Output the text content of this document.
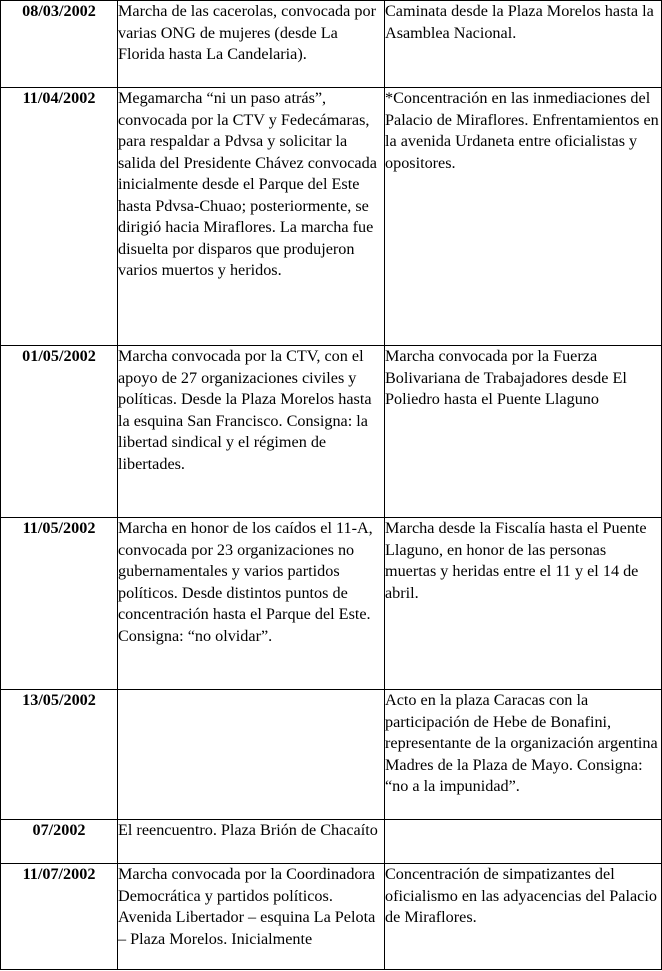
08/03/2002	Marcha de las cacerolas, convocada por varias ONG de mujeres (desde La Florida hasta La Candelaria).	Caminata desde la Plaza Morelos hasta la Asamblea Nacional.

11/04/2002	Megamarcha “ni un paso atrás”, convocada por la CTV y Fedecámaras, para respaldar a Pdvsa y solicitar la salida del Presidente Chávez convocada inicialmente desde el Parque del Este hasta Pdvsa-Chuao; posteriormente, se dirigió hacia Miraflores. La marcha fue disuelta por disparos que produjeron varios muertos y heridos.	*Concentración en las inmediaciones del Palacio de Miraflores. Enfrentamientos en la avenida Urdaneta entre oficialistas y opositores.

01/05/2002	Marcha convocada por la CTV, con el apoyo de 27 organizaciones civiles y políticas. Desde la Plaza Morelos hasta la esquina San Francisco. Consigna: la libertad sindical y el régimen de libertades.	Marcha convocada por la Fuerza Bolivariana de Trabajadores desde El Poliedro hasta el Puente Llaguno

11/05/2002	Marcha en honor de los caídos el 11-A, convocada por 23 organizaciones no gubernamentales y varios partidos políticos. Desde distintos puntos de concentración hasta el Parque del Este. Consigna: “no olvidar”.	Marcha desde la Fiscalía hasta el Puente Llaguno, en honor de las personas muertas y heridas entre el 11 y el 14 de abril.

13/05/2002		Acto en la plaza Caracas con la participación de Hebe de Bonafini, representante de la organización argentina Madres de la Plaza de Mayo. Consigna: “no a la impunidad”.

07/2002	El reencuentro. Plaza Brión de Chacaíto	

11/07/2002	Marcha convocada por la Coordinadora Democrática y partidos políticos. Avenida Libertador – esquina La Pelota – Plaza Morelos. Inicialmente	Concentración de simpatizantes del oficialismo en las adyacencias del Palacio de Miraflores.
